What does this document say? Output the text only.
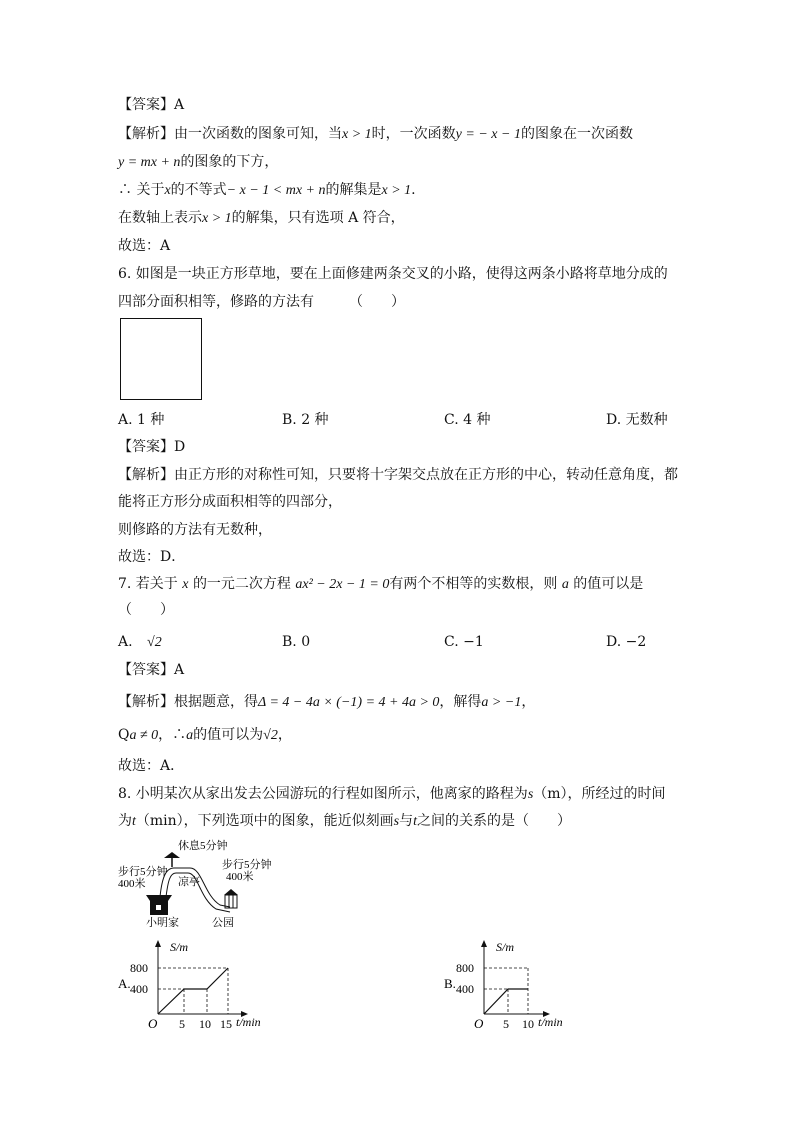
【答案】A
【解析】由一次函数的图象可知，当x > 1时，一次函数y = − x − 1的图象在一次函数
y = mx + n的图象的下方，
∴ 关于x的不等式− x − 1 < mx + n的解集是x > 1.
在数轴上表示x > 1的解集，只有选项 A 符合，
故选：A
6. 如图是一块正方形草地，要在上面修建两条交叉的小路，使得这两条小路将草地分成的
四部分面积相等，修路的方法有　　　（　　）
A. 1 种	B. 2 种	C. 4 种	D. 无数种
【答案】D
【解析】由正方形的对称性可知，只要将十字架交点放在正方形的中心，转动任意角度，都
能将正方形分成面积相等的四部分，
则修路的方法有无数种，
故选：D．
7. 若关于 x 的一元二次方程 ax² − 2x − 1 = 0有两个不相等的实数根，则 a 的值可以是
（　　）
A. √2	B. 0	C. −1	D. −2
【答案】A
【解析】根据题意，得Δ = 4 − 4a × (−1) = 4 + 4a > 0，解得a > −1，
Qa ≠ 0，∴a的值可以为√2，
故选：A．
8. 小明某次从家出发去公园游玩的行程如图所示，他离家的路程为s（m），所经过的时间
为t（min），下列选项中的图象，能近似刻画s与t之间的关系的是（　　）
休息5分钟
步行5分钟
400米
步行5分钟
400米
凉亭
小明家	公园
A.
S/m
t/min
O
800
400
5 10 15
B.
S/m
t/min
O
800
400
5 10
